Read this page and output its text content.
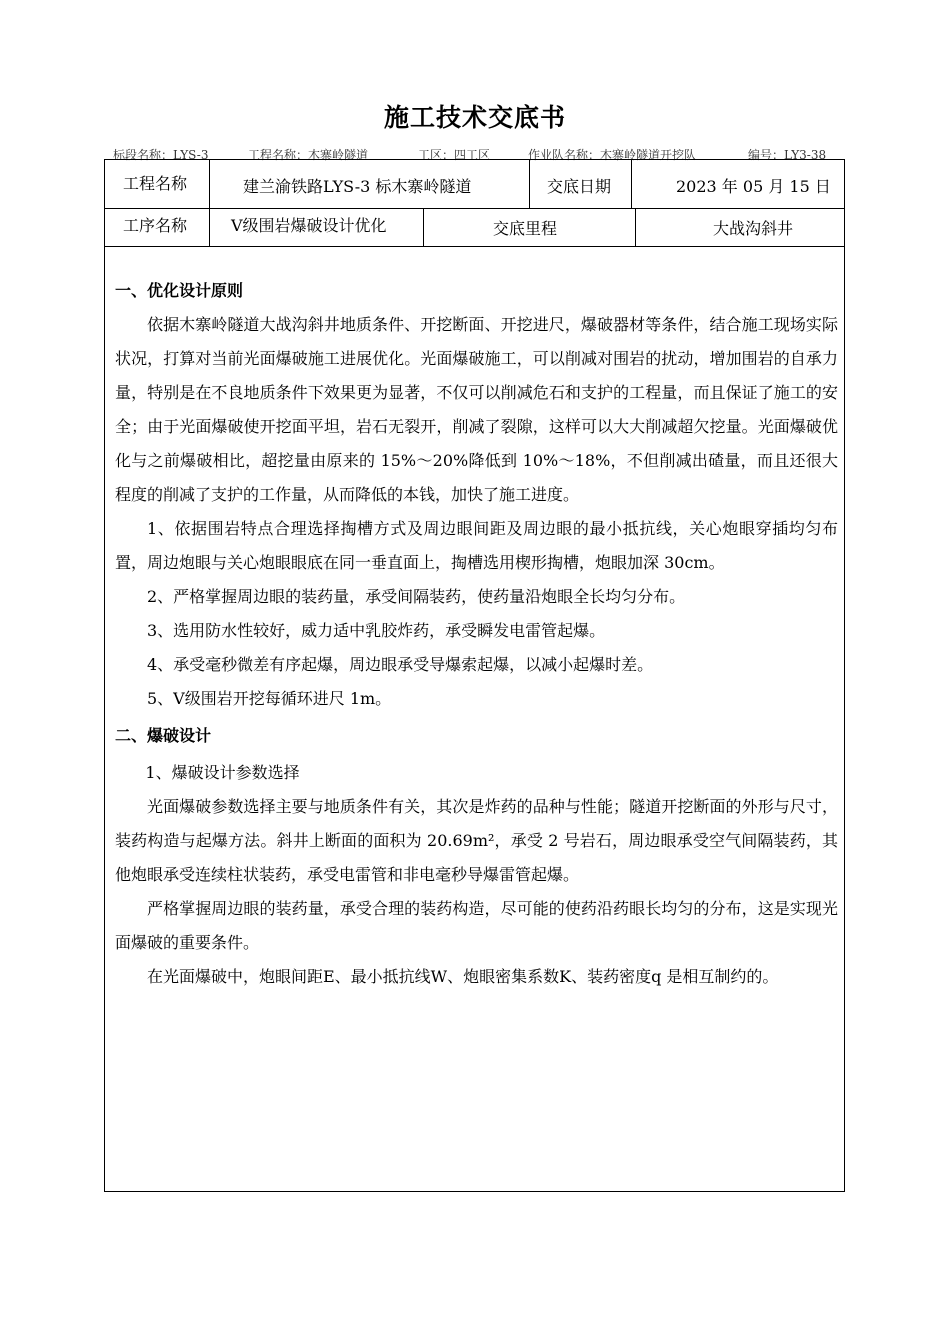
施工技术交底书
标段名称：LYS-3	工程名称：木寨岭隧道	工区：四工区	作业队名称：木寨岭隧道开挖队	编号：LY3-38
工程名称	建兰渝铁路LYS-3 标木寨岭隧道	交底日期	2023 年 05 月 15 日
工序名称	Ⅴ级围岩爆破设计优化	交底里程	大战沟斜井

一、优化设计原则

依据木寨岭隧道大战沟斜井地质条件、开挖断面、开挖进尺，爆破器材等条件，结合施工现场实际状况，打算对当前光面爆破施工进展优化。光面爆破施工，可以削减对围岩的扰动，增加围岩的自承力量，特别是在不良地质条件下效果更为显著，不仅可以削减危石和支护的工程量，而且保证了施工的安全；由于光面爆破使开挖面平坦，岩石无裂开，削减了裂隙，这样可以大大削减超欠挖量。光面爆破优化与之前爆破相比，超挖量由原来的 15%～20%降低到 10%～18%，不但削减出碴量，而且还很大程度的削减了支护的工作量，从而降低的本钱，加快了施工进度。

1、依据围岩特点合理选择掏槽方式及周边眼间距及周边眼的最小抵抗线，关心炮眼穿插均匀布置，周边炮眼与关心炮眼眼底在同一垂直面上，掏槽选用楔形掏槽，炮眼加深 30cm。

2、严格掌握周边眼的装药量，承受间隔装药，使药量沿炮眼全长均匀分布。

3、选用防水性较好，威力适中乳胶炸药，承受瞬发电雷管起爆。

4、承受毫秒微差有序起爆，周边眼承受导爆索起爆，以减小起爆时差。

5、Ⅴ级围岩开挖每循环进尺 1m。

二、爆破设计

1、爆破设计参数选择

光面爆破参数选择主要与地质条件有关，其次是炸药的品种与性能；隧道开挖断面的外形与尺寸，装药构造与起爆方法。斜井上断面的面积为 20.69m²，承受 2 号岩石，周边眼承受空气间隔装药，其他炮眼承受连续柱状装药，承受电雷管和非电毫秒导爆雷管起爆。

严格掌握周边眼的装药量，承受合理的装药构造，尽可能的使药沿药眼长均匀的分布，这是实现光面爆破的重要条件。

在光面爆破中，炮眼间距E、最小抵抗线W、炮眼密集系数K、装药密度q 是相互制约的。
